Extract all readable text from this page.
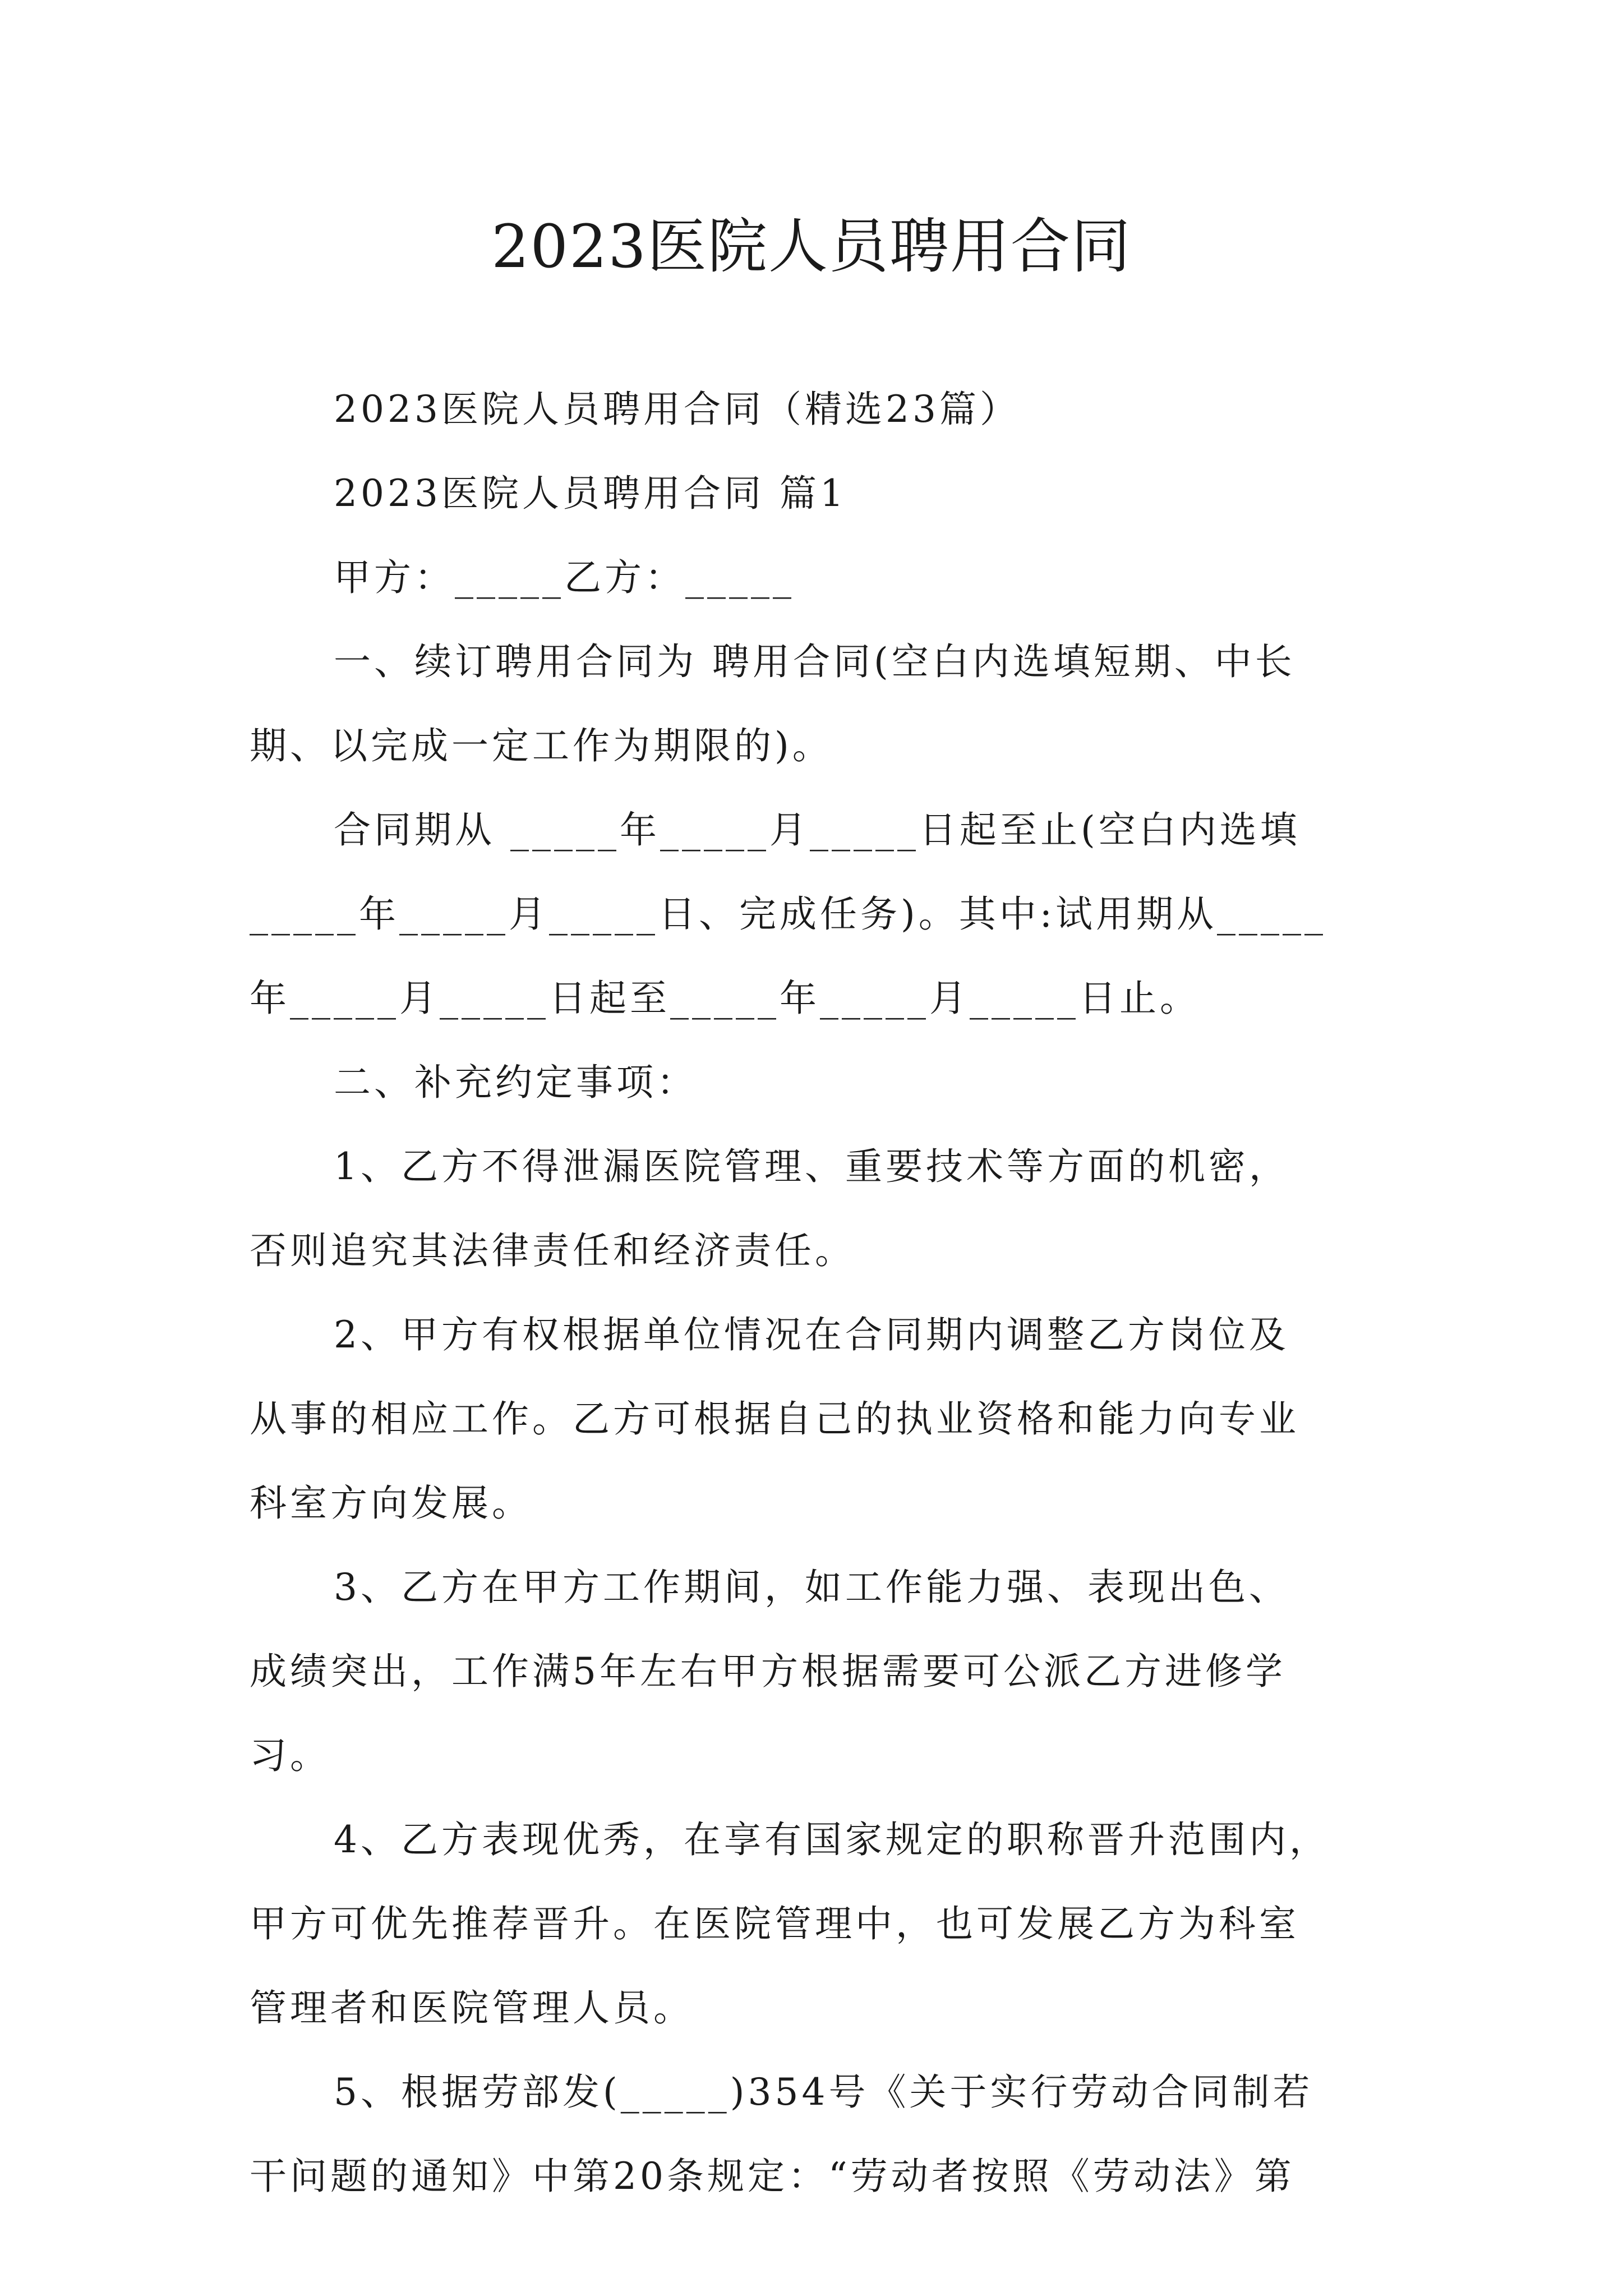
2023医院人员聘用合同
2023医院人员聘用合同（精选23篇）
2023医院人员聘用合同 篇1
甲方：_____乙方：_____
一、续订聘用合同为 聘用合同(空白内选填短期、中长
期、以完成一定工作为期限的)。
合同期从 _____年_____月_____日起至止(空白内选填
_____年_____月_____日、完成任务)。其中:试用期从_____
年_____月_____日起至_____年_____月_____日止。
二、补充约定事项：
1、乙方不得泄漏医院管理、重要技术等方面的机密，
否则追究其法律责任和经济责任。
2、甲方有权根据单位情况在合同期内调整乙方岗位及
从事的相应工作。乙方可根据自己的执业资格和能力向专业
科室方向发展。
3、乙方在甲方工作期间，如工作能力强、表现出色、
成绩突出，工作满5年左右甲方根据需要可公派乙方进修学
习。
4、乙方表现优秀，在享有国家规定的职称晋升范围内，
甲方可优先推荐晋升。在医院管理中，也可发展乙方为科室
管理者和医院管理人员。
5、根据劳部发(_____)354号《关于实行劳动合同制若
干问题的通知》中第20条规定：“劳动者按照《劳动法》第
